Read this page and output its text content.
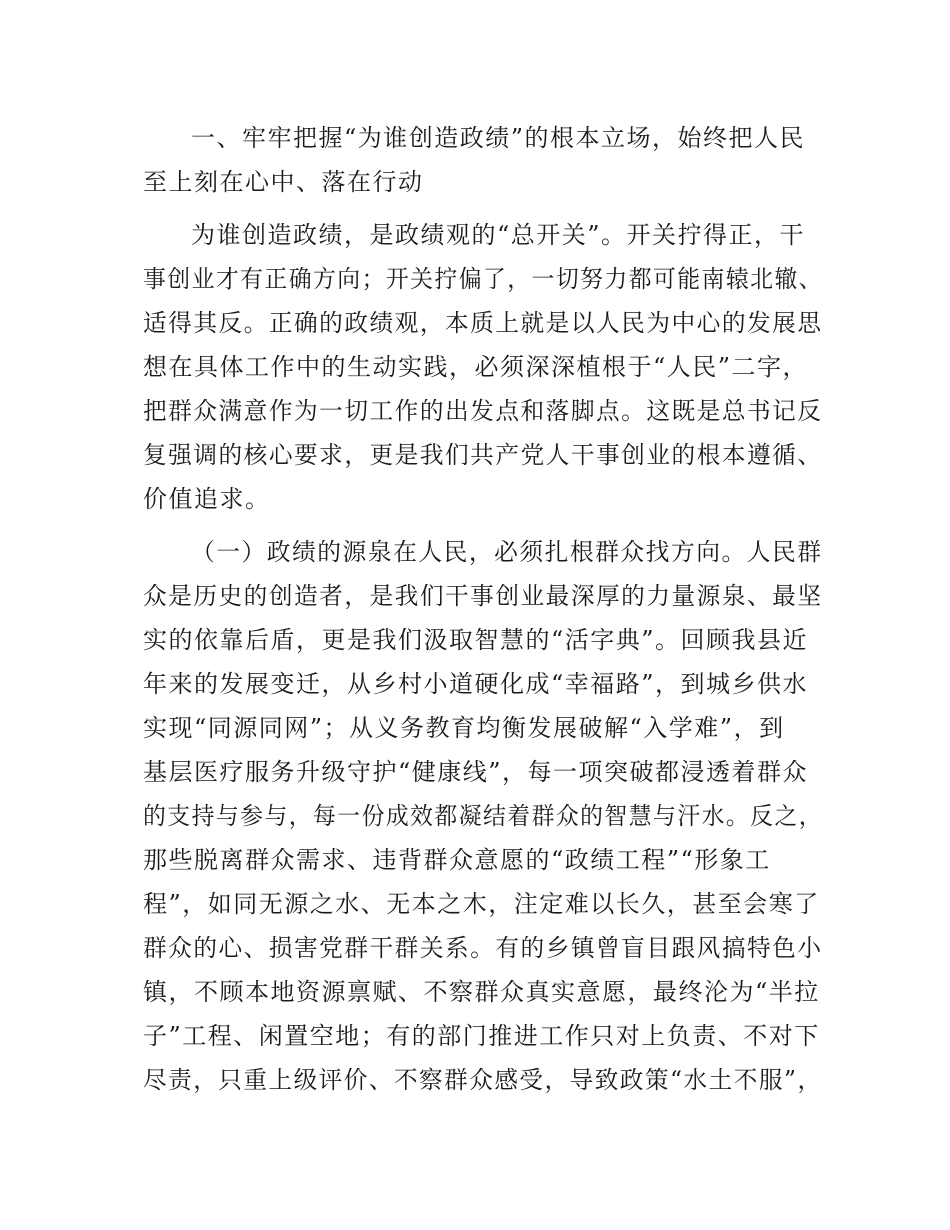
一、牢牢把握“为谁创造政绩”的根本立场，始终把人民
至上刻在心中、落在行动
为谁创造政绩，是政绩观的“总开关”。开关拧得正，干
事创业才有正确方向；开关拧偏了，一切努力都可能南辕北辙、
适得其反。正确的政绩观，本质上就是以人民为中心的发展思
想在具体工作中的生动实践，必须深深植根于“人民”二字，
把群众满意作为一切工作的出发点和落脚点。这既是总书记反
复强调的核心要求，更是我们共产党人干事创业的根本遵循、
价值追求。
（一）政绩的源泉在人民，必须扎根群众找方向。人民群
众是历史的创造者，是我们干事创业最深厚的力量源泉、最坚
实的依靠后盾，更是我们汲取智慧的“活字典”。回顾我县近
年来的发展变迁，从乡村小道硬化成“幸福路”，到城乡供水
实现“同源同网”；从义务教育均衡发展破解“入学难”，到
基层医疗服务升级守护“健康线”，每一项突破都浸透着群众
的支持与参与，每一份成效都凝结着群众的智慧与汗水。反之，
那些脱离群众需求、违背群众意愿的“政绩工程”“形象工
程”，如同无源之水、无本之木，注定难以长久，甚至会寒了
群众的心、损害党群干群关系。有的乡镇曾盲目跟风搞特色小
镇，不顾本地资源禀赋、不察群众真实意愿，最终沦为“半拉
子”工程、闲置空地；有的部门推进工作只对上负责、不对下
尽责，只重上级评价、不察群众感受，导致政策“水土不服”，
